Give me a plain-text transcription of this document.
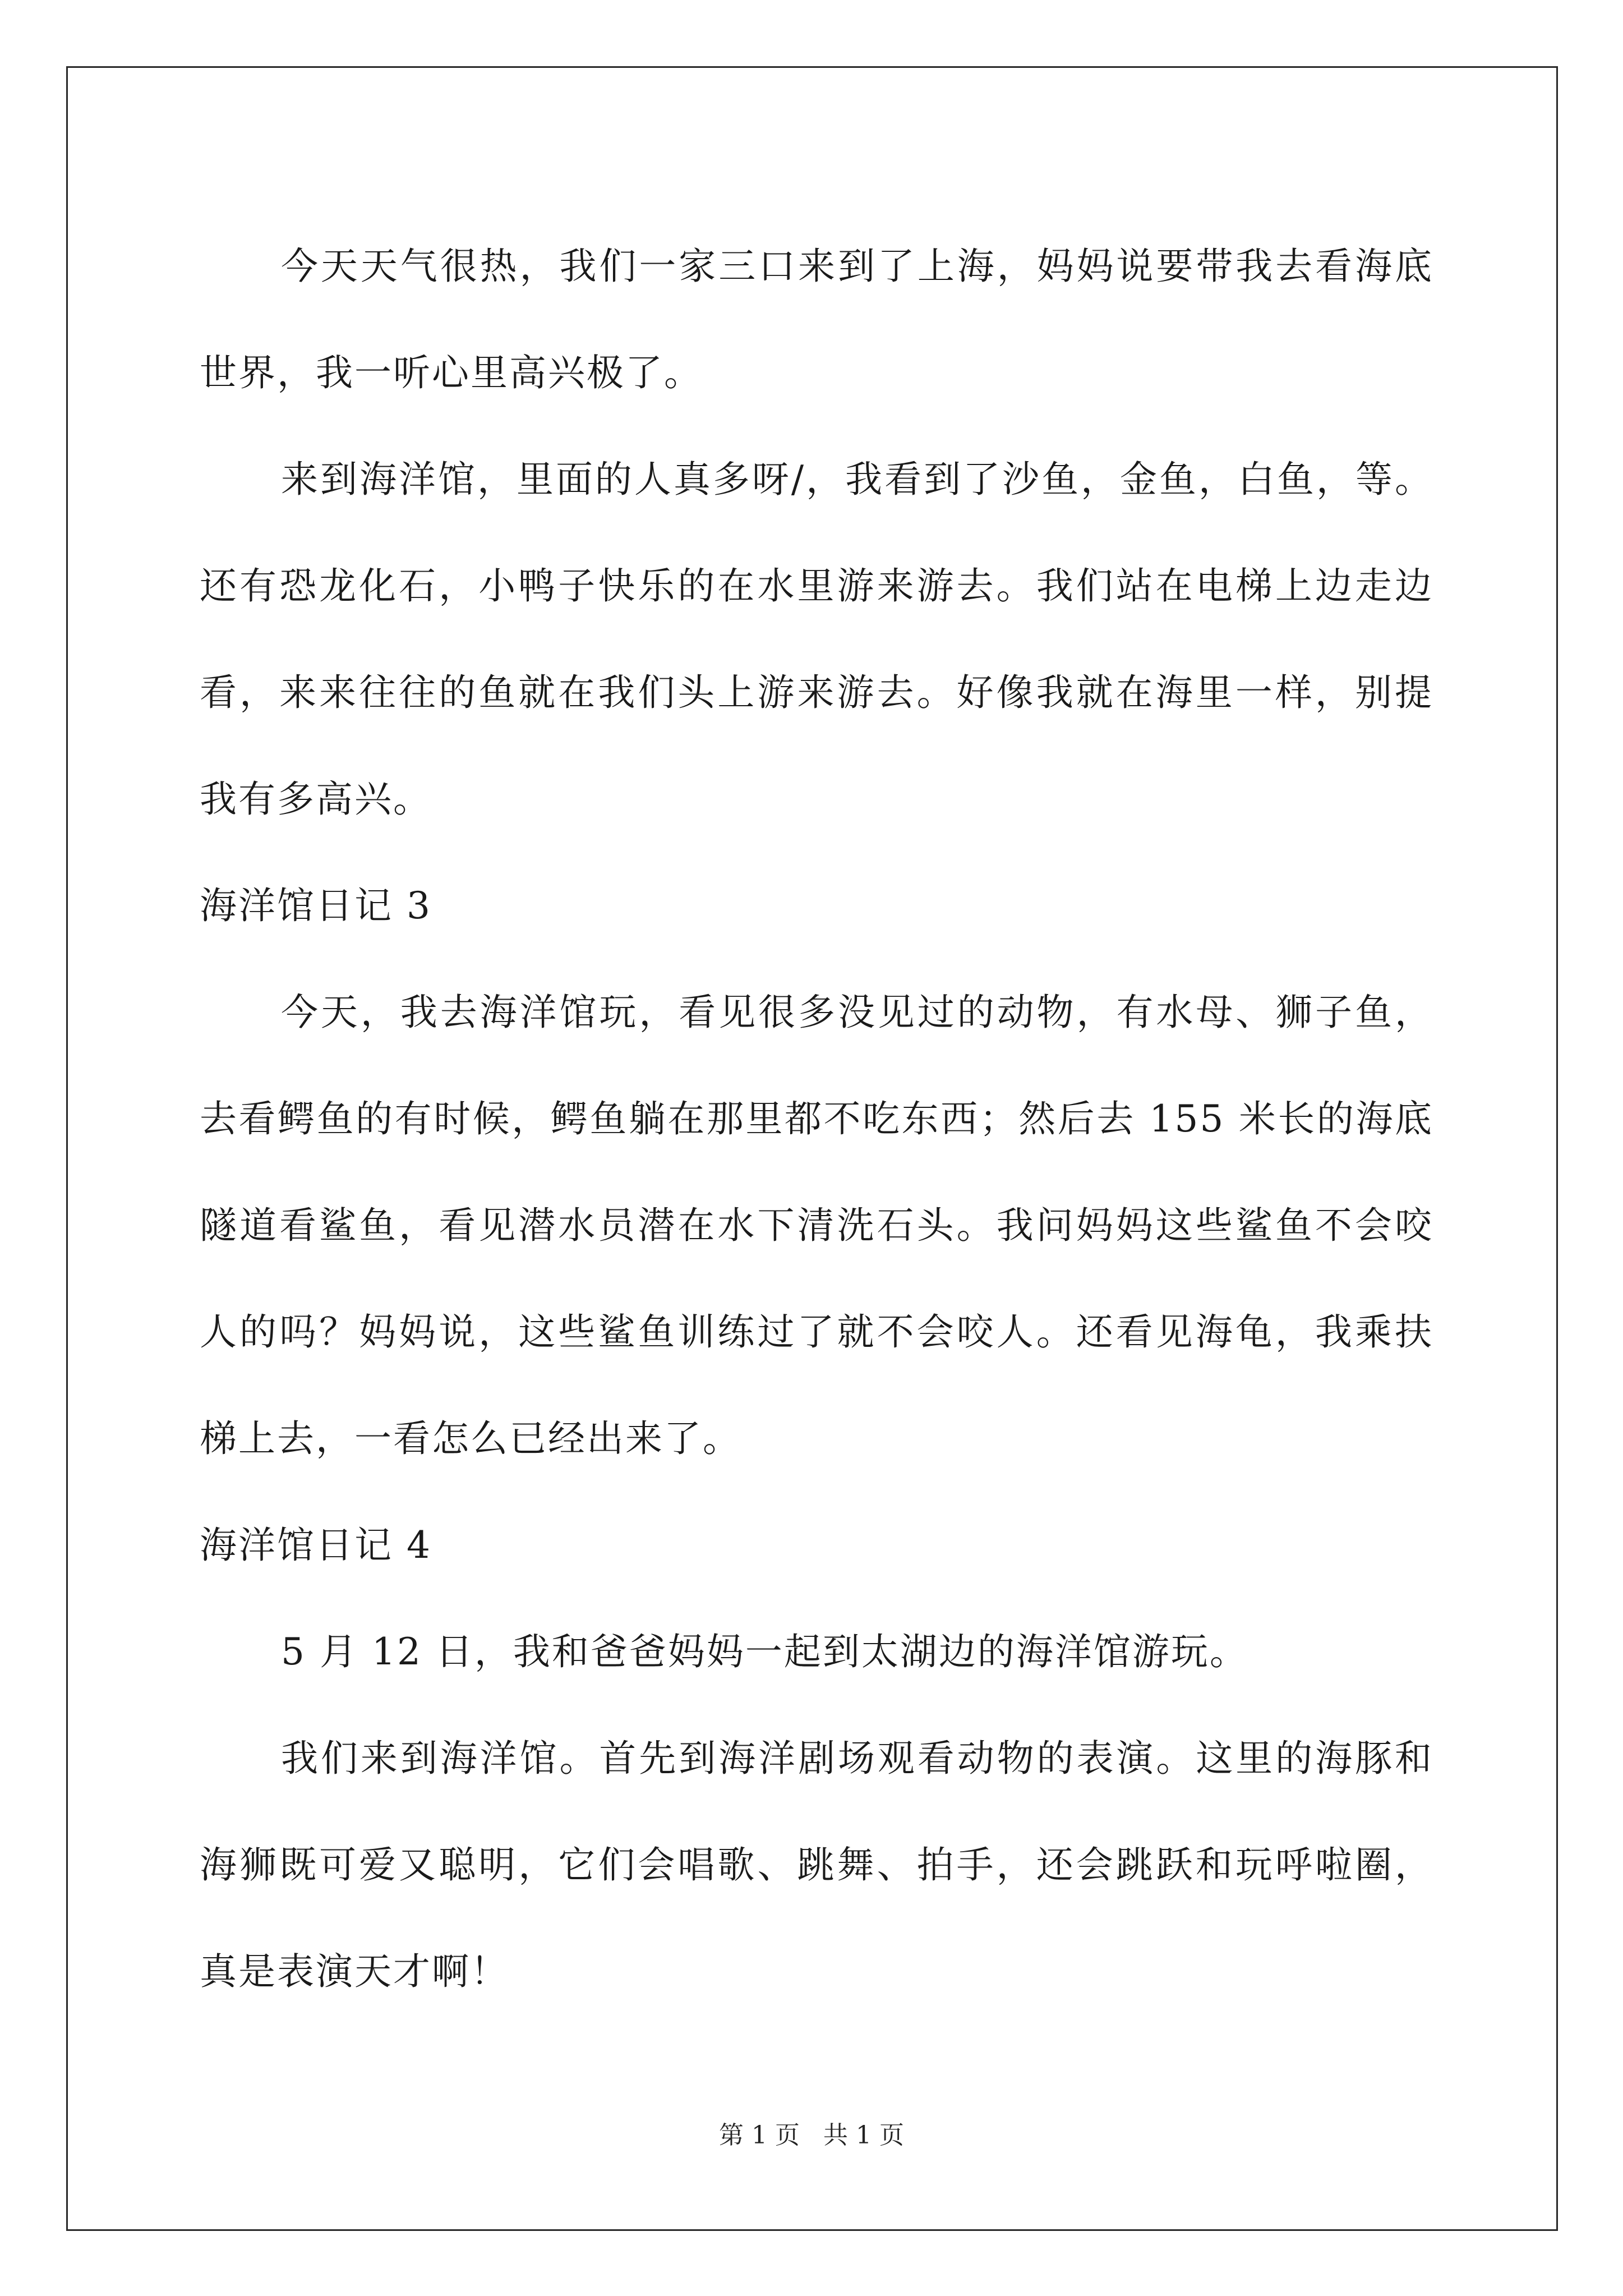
今天天气很热，我们一家三口来到了上海，妈妈说要带我去看海底世界，我一听心里高兴极了。

来到海洋馆，里面的人真多呀/，我看到了沙鱼，金鱼，白鱼，等。还有恐龙化石，小鸭子快乐的在水里游来游去。我们站在电梯上边走边看，来来往往的鱼就在我们头上游来游去。好像我就在海里一样，别提我有多高兴。

海洋馆日记 3

今天，我去海洋馆玩，看见很多没见过的动物，有水母、狮子鱼，去看鳄鱼的有时候，鳄鱼躺在那里都不吃东西；然后去 155 米长的海底隧道看鲨鱼，看见潜水员潜在水下清洗石头。我问妈妈这些鲨鱼不会咬人的吗？妈妈说，这些鲨鱼训练过了就不会咬人。还看见海龟，我乘扶梯上去，一看怎么已经出来了。

海洋馆日记 4

5 月 12 日，我和爸爸妈妈一起到太湖边的海洋馆游玩。

我们来到海洋馆。首先到海洋剧场观看动物的表演。这里的海豚和海狮既可爱又聪明，它们会唱歌、跳舞、拍手，还会跳跃和玩呼啦圈，真是表演天才啊！

第 1 页 共 1 页
